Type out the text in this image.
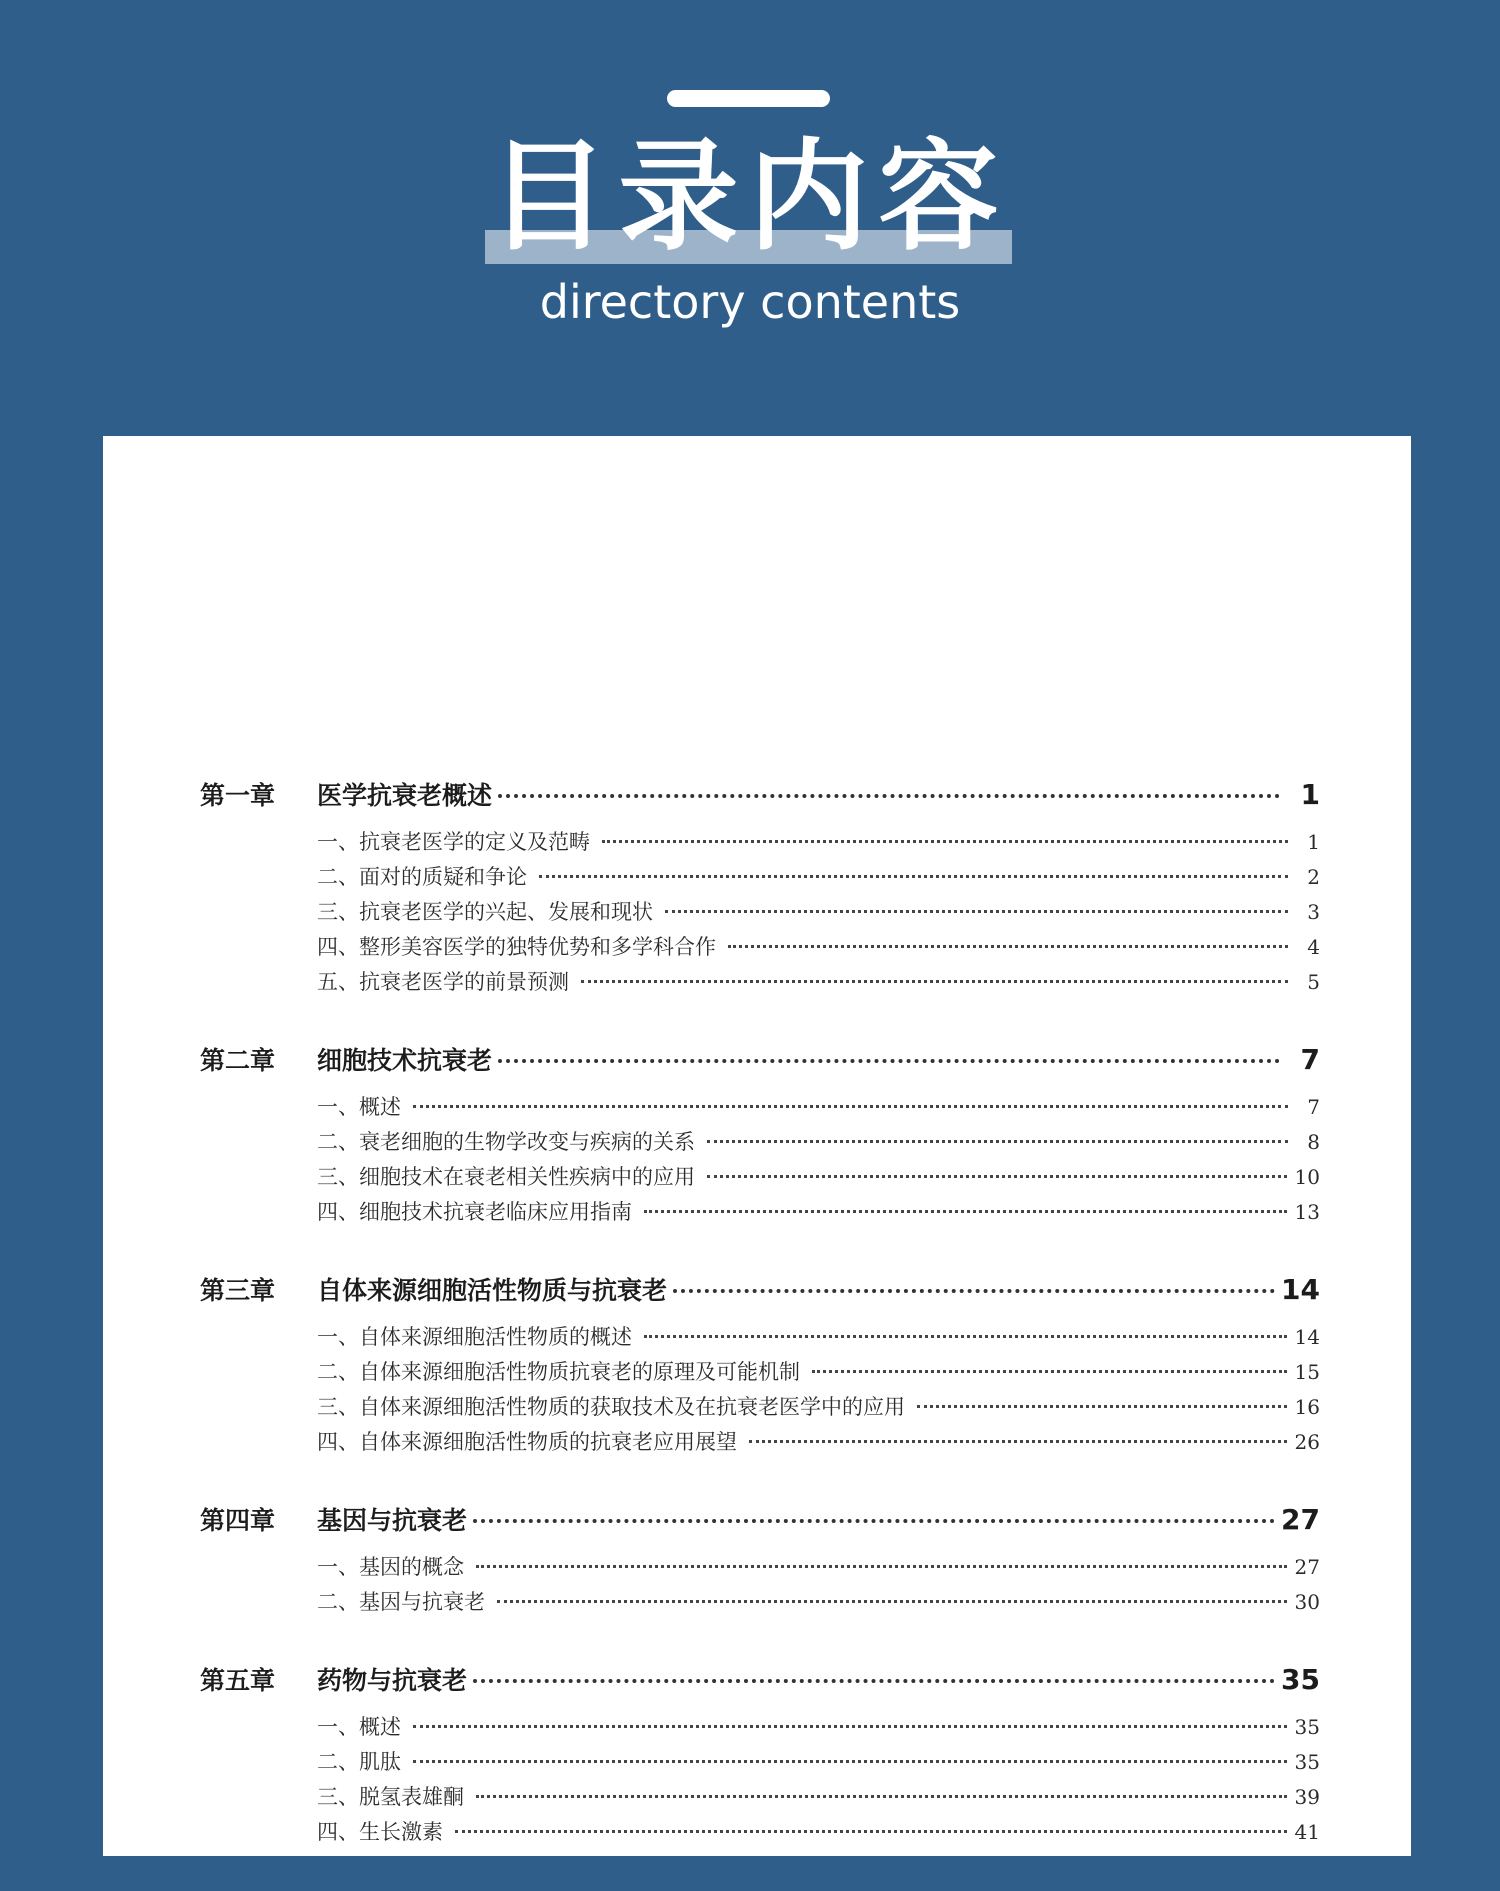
目录内容
directory contents
第一章	医学抗衰老概述	1
一、抗衰老医学的定义及范畴	1
二、面对的质疑和争论	2
三、抗衰老医学的兴起、发展和现状	3
四、整形美容医学的独特优势和多学科合作	4
五、抗衰老医学的前景预测	5
第二章	细胞技术抗衰老	7
一、概述	7
二、衰老细胞的生物学改变与疾病的关系	8
三、细胞技术在衰老相关性疾病中的应用	10
四、细胞技术抗衰老临床应用指南	13
第三章	自体来源细胞活性物质与抗衰老	14
一、自体来源细胞活性物质的概述	14
二、自体来源细胞活性物质抗衰老的原理及可能机制	15
三、自体来源细胞活性物质的获取技术及在抗衰老医学中的应用	16
四、自体来源细胞活性物质的抗衰老应用展望	26
第四章	基因与抗衰老	27
一、基因的概念	27
二、基因与抗衰老	30
第五章	药物与抗衰老	35
一、概述	35
二、肌肽	35
三、脱氢表雄酮	39
四、生长激素	41
